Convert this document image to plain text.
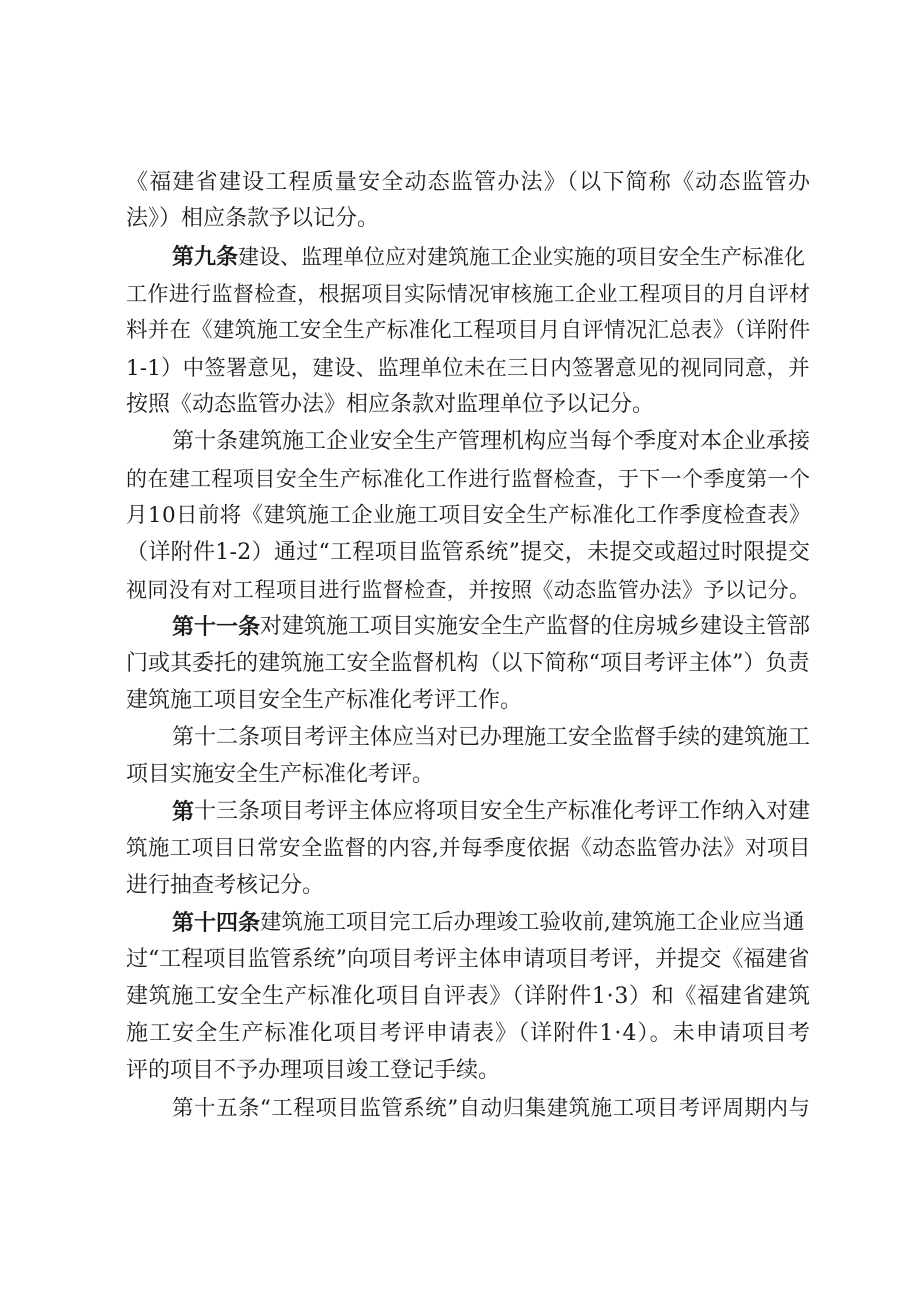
《福建省建设工程质量安全动态监管办法》（以下简称《动态监管办
法》）相应条款予以记分。
第九条 建设、监理单位应对建筑施工企业实施的项目安全生产标准化
工作进行监督检查，根据项目实际情况审核施工企业工程项目的月自评材
料并在《建筑施工安全生产标准化工程项目月自评情况汇总表》（详附件
1-1）中签署意见，建设、监理单位未在三日内签署意见的视同同意，并
按照《动态监管办法》相应条款对监理单位予以记分。
第十条建筑施工企业安全生产管理机构应当每个季度对本企业承接
的在建工程项目安全生产标准化工作进行监督检查，于下一个季度第一个
月10日前将《建筑施工企业施工项目安全生产标准化工作季度检查表》
（详附件1-2）通过“工程项目监管系统”提交，未提交或超过时限提交
视同没有对工程项目进行监督检查，并按照《动态监管办法》予以记分。
第十一条 对建筑施工项目实施安全生产监督的住房城乡建设主管部
门或其委托的建筑施工安全监督机构（以下简称“项目考评主体”）负责
建筑施工项目安全生产标准化考评工作。
第十二条项目考评主体应当对已办理施工安全监督手续的建筑施工
项目实施安全生产标准化考评。
第 十三条项目考评主体应将项目安全生产标准化考评工作纳入对建
筑施工项目日常安全监督的内容,并每季度依据《动态监管办法》对项目
进行抽查考核记分。
第十四条 建筑施工项目完工后办理竣工验收前,建筑施工企业应当通
过“工程项目监管系统”向项目考评主体申请项目考评，并提交《福建省
建筑施工安全生产标准化项目自评表》（详附件1·3）和《福建省建筑
施工安全生产标准化项目考评申请表》（详附件1·4）。未申请项目考
评的项目不予办理项目竣工登记手续。
第十五条“工程项目监管系统”自动归集建筑施工项目考评周期内与
